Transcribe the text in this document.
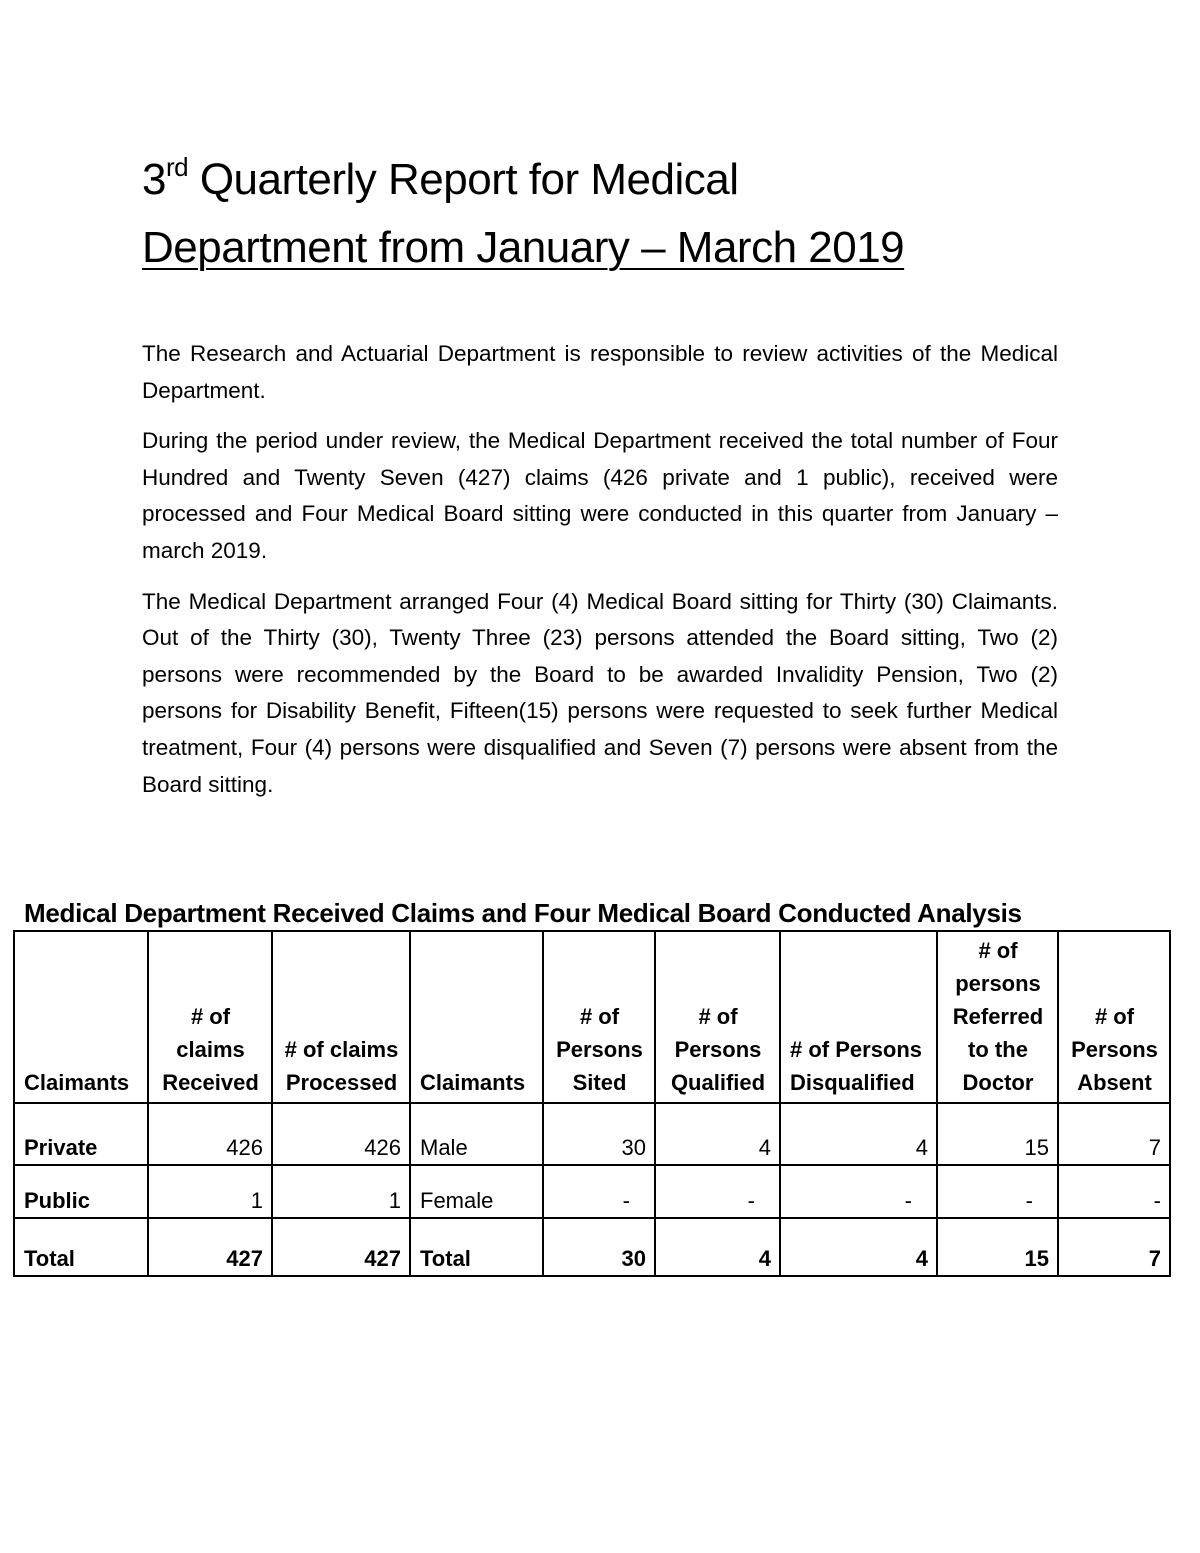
3rd Quarterly Report for Medical
Department from January – March 2019

The Research and Actuarial Department is responsible to review activities of the Medical Department.

During the period under review, the Medical Department received the total number of Four Hundred and Twenty Seven (427) claims (426 private and 1 public), received were processed and Four Medical Board sitting were conducted in this quarter from January – march 2019.

The Medical Department arranged Four (4) Medical Board sitting for Thirty (30) Claimants. Out of the Thirty (30), Twenty Three (23) persons attended the Board sitting, Two (2) persons were recommended by the Board to be awarded Invalidity Pension, Two (2) persons for Disability Benefit, Fifteen(15) persons were requested to seek further Medical treatment, Four (4) persons were disqualified and Seven (7) persons were absent from the Board sitting.

Medical Department Received Claims and Four Medical Board Conducted Analysis
Claimants	# of claims Received	# of claims Processed	Claimants	# of Persons Sited	# of Persons Qualified	# of Persons Disqualified	# of persons Referred to the Doctor	# of Persons Absent
Private	426	426	Male	30	4	4	15	7
Public	1	1	Female	-	-	-	-	-
Total	427	427	Total	30	4	4	15	7
